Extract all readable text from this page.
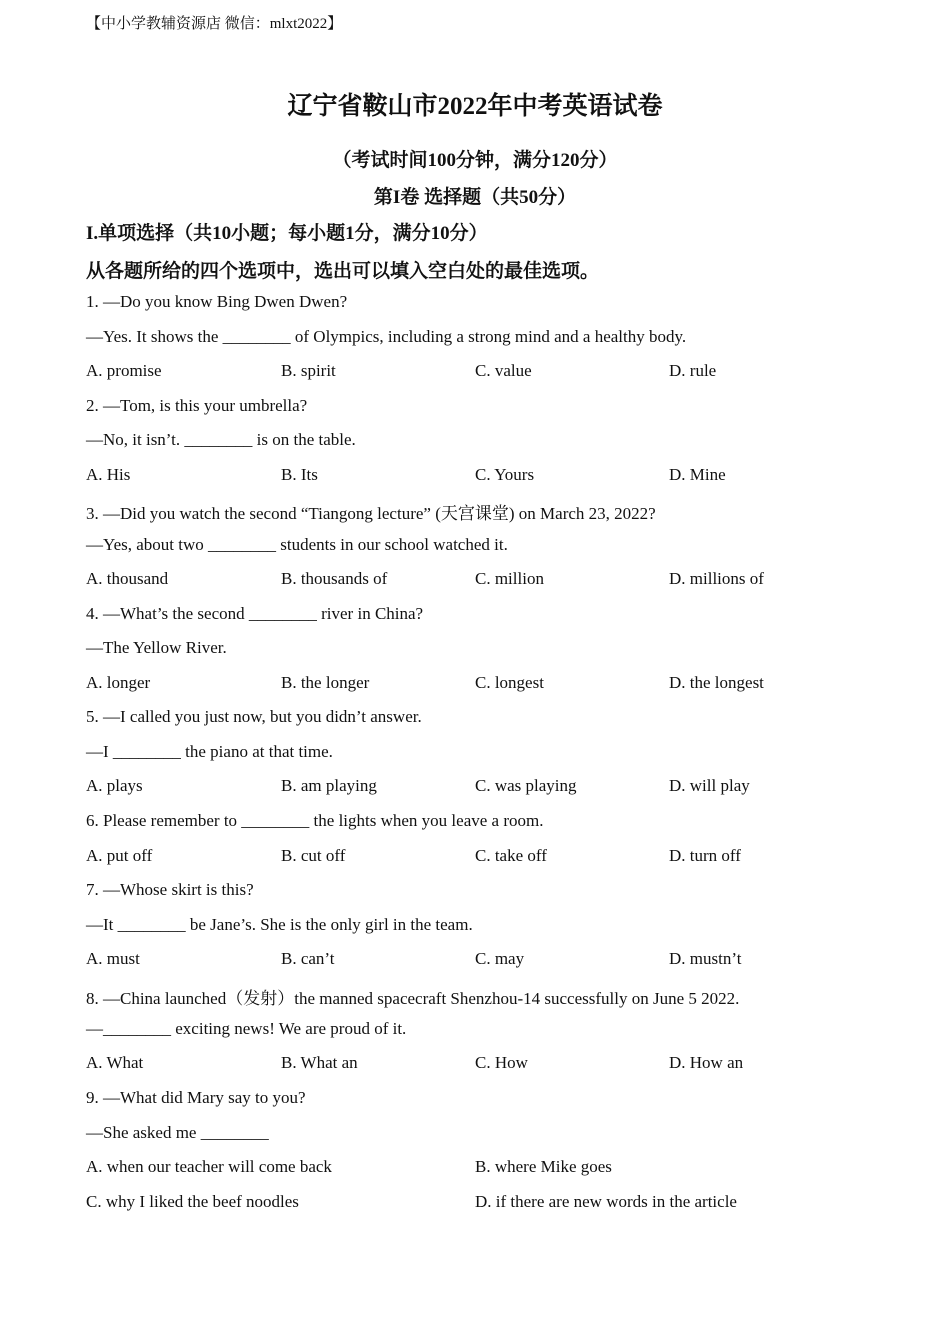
【中小学教辅资源店 微信：mlxt2022】
辽宁省鞍山市2022年中考英语试卷
（考试时间100分钟，满分120分）
第I卷 选择题（共50分）
I.单项选择（共10小题；每小题1分，满分10分）
从各题所给的四个选项中，选出可以填入空白处的最佳选项。
1. —Do you know Bing Dwen Dwen?
—Yes. It shows the ________ of Olympics, including a strong mind and a healthy body.
A. promise	B. spirit	C. value	D. rule
2. —Tom, is this your umbrella?
—No, it isn’t. ________ is on the table.
A. His	B. Its	C. Yours	D. Mine
3. —Did you watch the second “Tiangong lecture” (天宫课堂) on March 23, 2022?
—Yes, about two ________ students in our school watched it.
A. thousand	B. thousands of	C. million	D. millions of
4. —What’s the second ________ river in China?
—The Yellow River.
A. longer	B. the longer	C. longest	D. the longest
5. —I called you just now, but you didn’t answer.
—I ________ the piano at that time.
A. plays	B. am playing	C. was playing	D. will play
6. Please remember to ________ the lights when you leave a room.
A. put off	B. cut off	C. take off	D. turn off
7. —Whose skirt is this?
—It ________ be Jane’s. She is the only girl in the team.
A. must	B. can’t	C. may	D. mustn’t
8. —China launched（发射）the manned spacecraft Shenzhou-14 successfully on June 5 2022.
—________ exciting news! We are proud of it.
A. What	B. What an	C. How	D. How an
9. —What did Mary say to you?
—She asked me ________
A. when our teacher will come back	B. where Mike goes
C. why I liked the beef noodles	D. if there are new words in the article
